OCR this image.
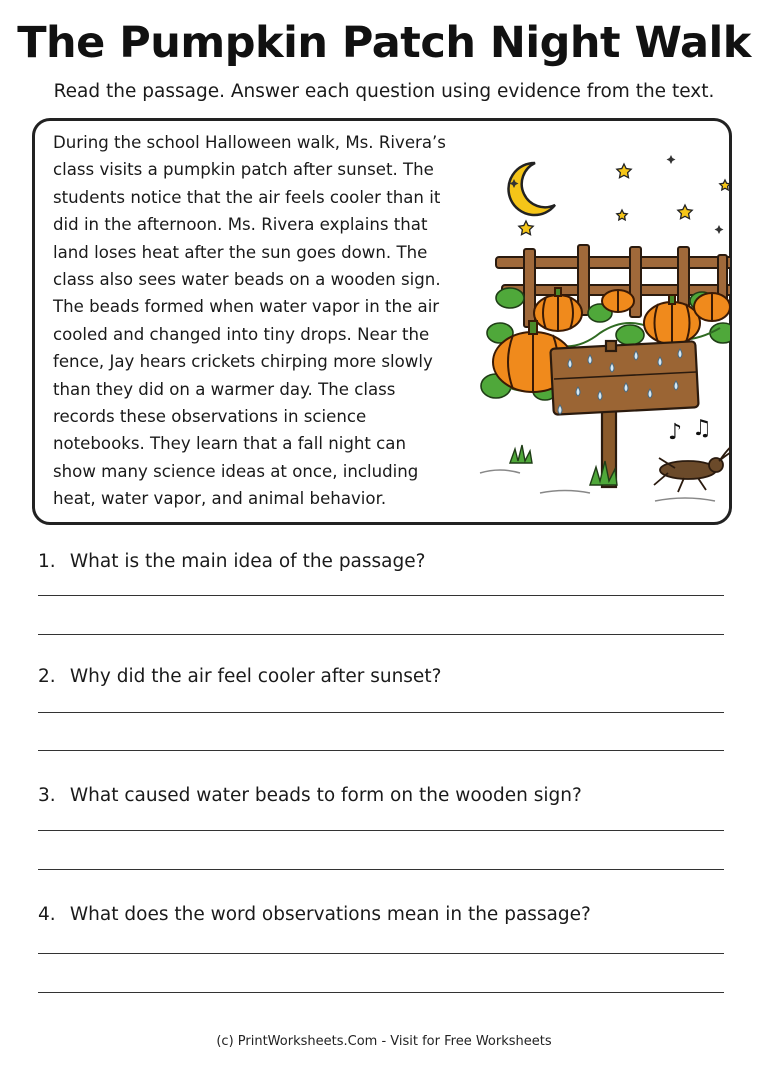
The Pumpkin Patch Night Walk
Read the passage. Answer each question using evidence from the text.

During the school Halloween walk, Ms. Rivera’s class visits a pumpkin patch after sunset. The students notice that the air feels cooler than it did in the afternoon. Ms. Rivera explains that land loses heat after the sun goes down. The class also sees water beads on a wooden sign. The beads formed when water vapor in the air cooled and changed into tiny drops. Near the fence, Jay hears crickets chirping more slowly than they did on a warmer day. The class records these observations in science notebooks. They learn that a fall night can show many science ideas at once, including heat, water vapor, and animal behavior.

♪ ♫
1. What is the main idea of the passage?
2. Why did the air feel cooler after sunset?
3. What caused water beads to form on the wooden sign?
4. What does the word observations mean in the passage?
(c) PrintWorksheets.Com - Visit for Free Worksheets
